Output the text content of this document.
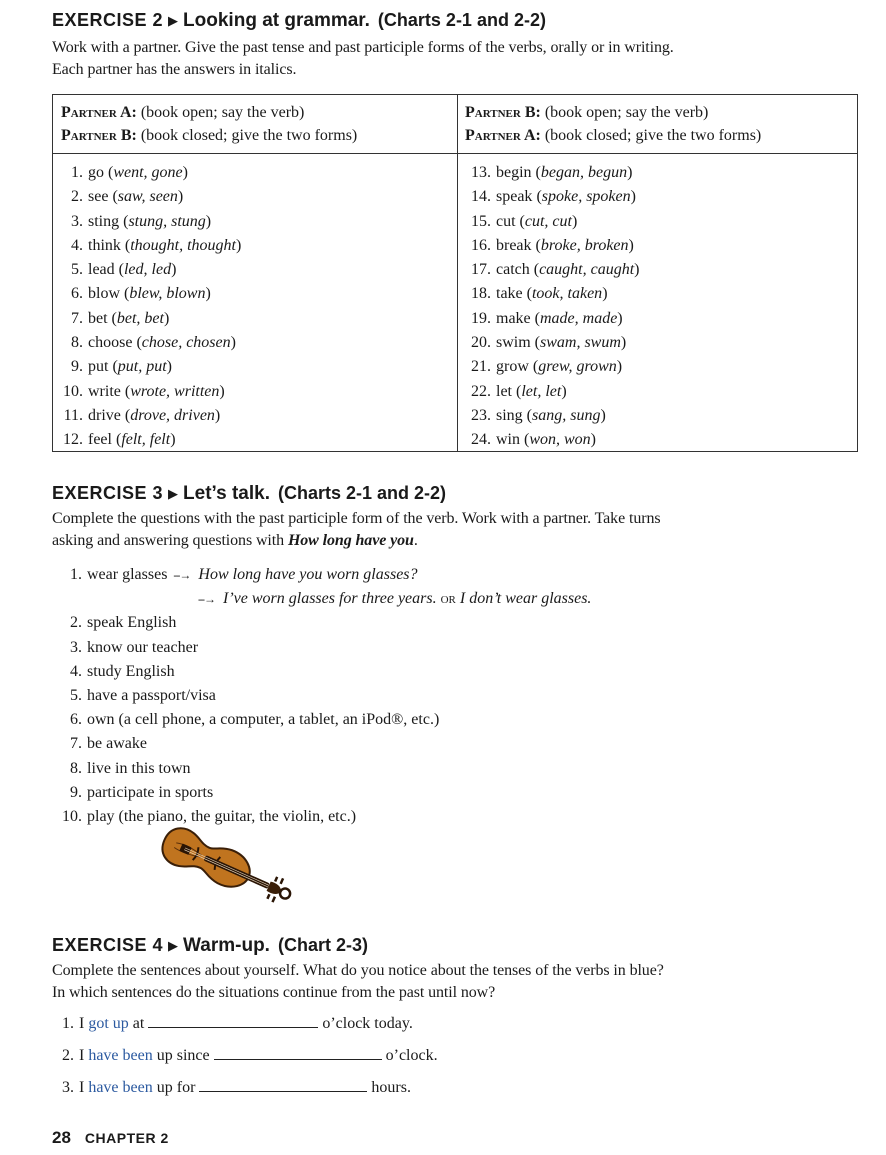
EXERCISE 2 ▶ Looking at grammar. (Charts 2-1 and 2-2)
Work with a partner. Give the past tense and past participle forms of the verbs, orally or in writing.
Each partner has the answers in italics.
Partner A: (book open; say the verb)
Partner B: (book closed; give the two forms)
1. go (went, gone)
2. see (saw, seen)
3. sting (stung, stung)
4. think (thought, thought)
5. lead (led, led)
6. blow (blew, blown)
7. bet (bet, bet)
8. choose (chose, chosen)
9. put (put, put)
10. write (wrote, written)
11. drive (drove, driven)
12. feel (felt, felt)
Partner B: (book open; say the verb)
Partner A: (book closed; give the two forms)
13. begin (began, begun)
14. speak (spoke, spoken)
15. cut (cut, cut)
16. break (broke, broken)
17. catch (caught, caught)
18. take (took, taken)
19. make (made, made)
20. swim (swam, swum)
21. grow (grew, grown)
22. let (let, let)
23. sing (sang, sung)
24. win (won, won)
EXERCISE 3 ▶ Let’s talk. (Charts 2-1 and 2-2)
Complete the questions with the past participle form of the verb. Work with a partner. Take turns
asking and answering questions with How long have you.
1. wear glasses --→ How long have you worn glasses?
--→ I’ve worn glasses for three years. or I don’t wear glasses.
2. speak English
3. know our teacher
4. study English
5. have a passport/visa
6. own (a cell phone, a computer, a tablet, an iPod®, etc.)
7. be awake
8. live in this town
9. participate in sports
10. play (the piano, the guitar, the violin, etc.)
EXERCISE 4 ▶ Warm-up. (Chart 2-3)
Complete the sentences about yourself. What do you notice about the tenses of the verbs in blue?
In which sentences do the situations continue from the past until now?
1. I got up at	o’clock today.
2. I have been up since	o’clock.
3. I have been up for	hours.
28 CHAPTER 2
